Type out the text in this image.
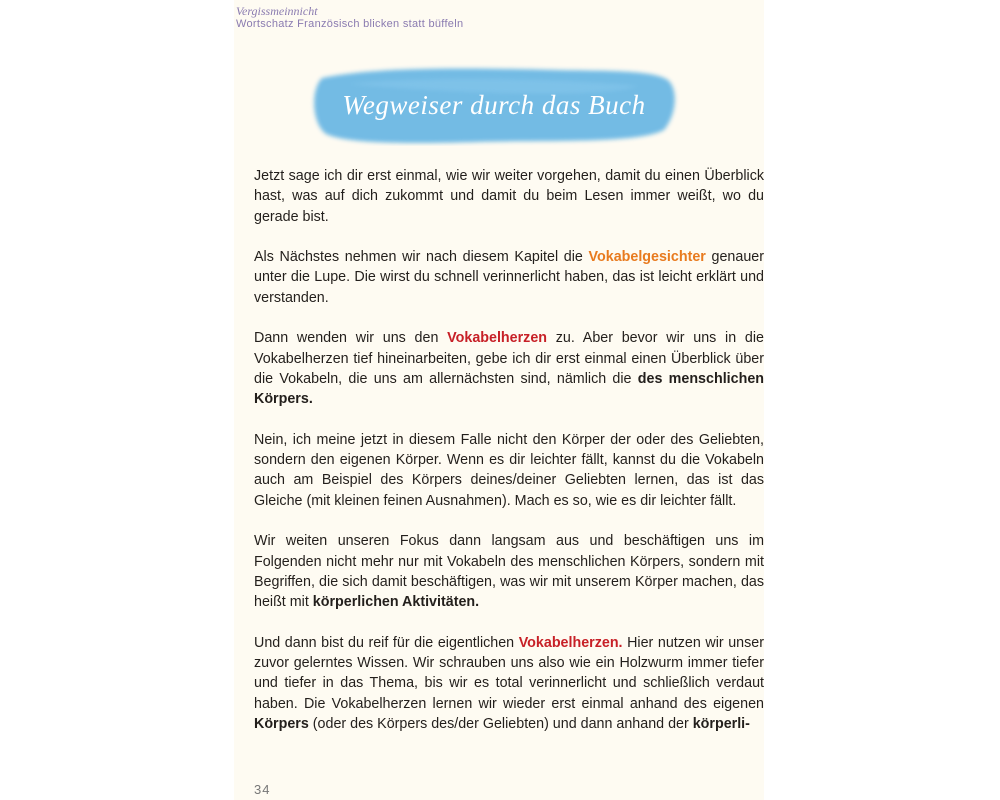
Vergissmeinnicht
Wortschatz Französisch blicken statt büffeln
Wegweiser durch das Buch

Jetzt sage ich dir erst einmal, wie wir weiter vorgehen, damit du einen Überblick hast, was auf dich zukommt und damit du beim Lesen immer weißt, wo du gerade bist.

Als Nächstes nehmen wir nach diesem Kapitel die Vokabelgesichter genauer unter die Lupe. Die wirst du schnell verinnerlicht haben, das ist leicht erklärt und verstanden.

Dann wenden wir uns den Vokabelherzen zu. Aber bevor wir uns in die Vokabelherzen tief hineinarbeiten, gebe ich dir erst einmal einen Überblick über die Vokabeln, die uns am allernächsten sind, nämlich die des menschlichen Körpers.

Nein, ich meine jetzt in diesem Falle nicht den Körper der oder des Geliebten, sondern den eigenen Körper. Wenn es dir leichter fällt, kannst du die Vokabeln auch am Beispiel des Körpers deines/deiner Geliebten lernen, das ist das Gleiche (mit kleinen feinen Ausnahmen). Mach es so, wie es dir leichter fällt.

Wir weiten unseren Fokus dann langsam aus und beschäftigen uns im Folgenden nicht mehr nur mit Vokabeln des menschlichen Körpers, sondern mit Begriffen, die sich damit beschäftigen, was wir mit unserem Körper machen, das heißt mit körperlichen Aktivitäten.

Und dann bist du reif für die eigentlichen Vokabelherzen. Hier nutzen wir unser zuvor gelerntes Wissen. Wir schrauben uns also wie ein Holzwurm immer tiefer und tiefer in das Thema, bis wir es total verinnerlicht und schließlich verdaut haben. Die Vokabelherzen lernen wir wieder erst einmal anhand des eigenen Körpers (oder des Körpers des/der Geliebten) und dann anhand der körperli-

34
